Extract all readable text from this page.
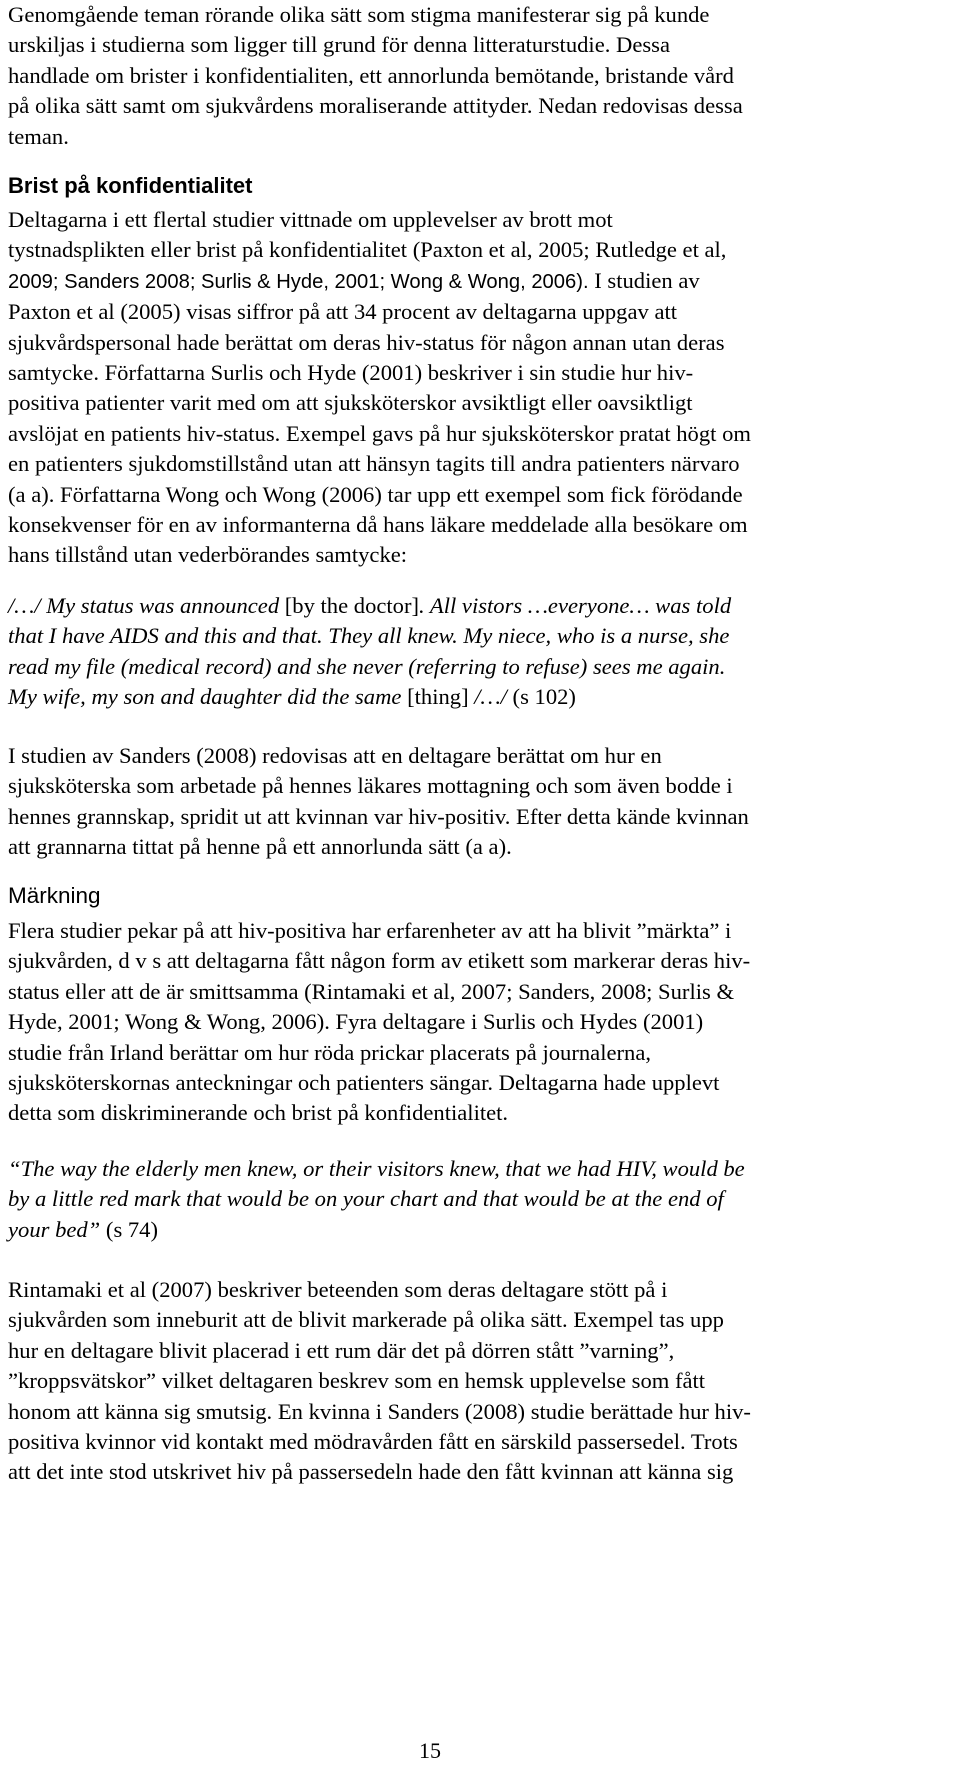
Genomgående teman rörande olika sätt som stigma manifesterar sig på kunde
urskiljas i studierna som ligger till grund för denna litteraturstudie. Dessa
handlade om brister i konfidentialiten, ett annorlunda bemötande, bristande vård
på olika sätt samt om sjukvårdens moraliserande attityder. Nedan redovisas dessa
teman.
Brist på konfidentialitet
Deltagarna i ett flertal studier vittnade om upplevelser av brott mot
tystnadsplikten eller brist på konfidentialitet (Paxton et al, 2005; Rutledge et al,
2009; Sanders 2008; Surlis & Hyde, 2001; Wong & Wong, 2006). I studien av
Paxton et al (2005) visas siffror på att 34 procent av deltagarna uppgav att
sjukvårdspersonal hade berättat om deras hiv-status för någon annan utan deras
samtycke. Författarna Surlis och Hyde (2001) beskriver i sin studie hur hiv-
positiva patienter varit med om att sjuksköterskor avsiktligt eller oavsiktligt
avslöjat en patients hiv-status. Exempel gavs på hur sjuksköterskor pratat högt om
en patienters sjukdomstillstånd utan att hänsyn tagits till andra patienters närvaro
(a a). Författarna Wong och Wong (2006) tar upp ett exempel som fick förödande
konsekvenser för en av informanterna då hans läkare meddelade alla besökare om
hans tillstånd utan vederbörandes samtycke:
/…/ My status was announced [by the doctor]. All vistors …everyone… was told
that I have AIDS and this and that. They all knew. My niece, who is a nurse, she
read my file (medical record) and she never (referring to refuse) sees me again.
My wife, my son and daughter did the same [thing] /…/ (s 102)
I studien av Sanders (2008) redovisas att en deltagare berättat om hur en
sjuksköterska som arbetade på hennes läkares mottagning och som även bodde i
hennes grannskap, spridit ut att kvinnan var hiv-positiv. Efter detta kände kvinnan
att grannarna tittat på henne på ett annorlunda sätt (a a).
Märkning
Flera studier pekar på att hiv-positiva har erfarenheter av att ha blivit ”märkta” i
sjukvården, d v s att deltagarna fått någon form av etikett som markerar deras hiv-
status eller att de är smittsamma (Rintamaki et al, 2007; Sanders, 2008; Surlis &
Hyde, 2001; Wong & Wong, 2006). Fyra deltagare i Surlis och Hydes (2001)
studie från Irland berättar om hur röda prickar placerats på journalerna,
sjuksköterskornas anteckningar och patienters sängar. Deltagarna hade upplevt
detta som diskriminerande och brist på konfidentialitet.
“The way the elderly men knew, or their visitors knew, that we had HIV, would be
by a little red mark that would be on your chart and that would be at the end of
your bed” (s 74)
Rintamaki et al (2007) beskriver beteenden som deras deltagare stött på i
sjukvården som inneburit att de blivit markerade på olika sätt. Exempel tas upp
hur en deltagare blivit placerad i ett rum där det på dörren stått ”varning”,
”kroppsvätskor” vilket deltagaren beskrev som en hemsk upplevelse som fått
honom att känna sig smutsig. En kvinna i Sanders (2008) studie berättade hur hiv-
positiva kvinnor vid kontakt med mödravården fått en särskild passersedel. Trots
att det inte stod utskrivet hiv på passersedeln hade den fått kvinnan att känna sig
15
